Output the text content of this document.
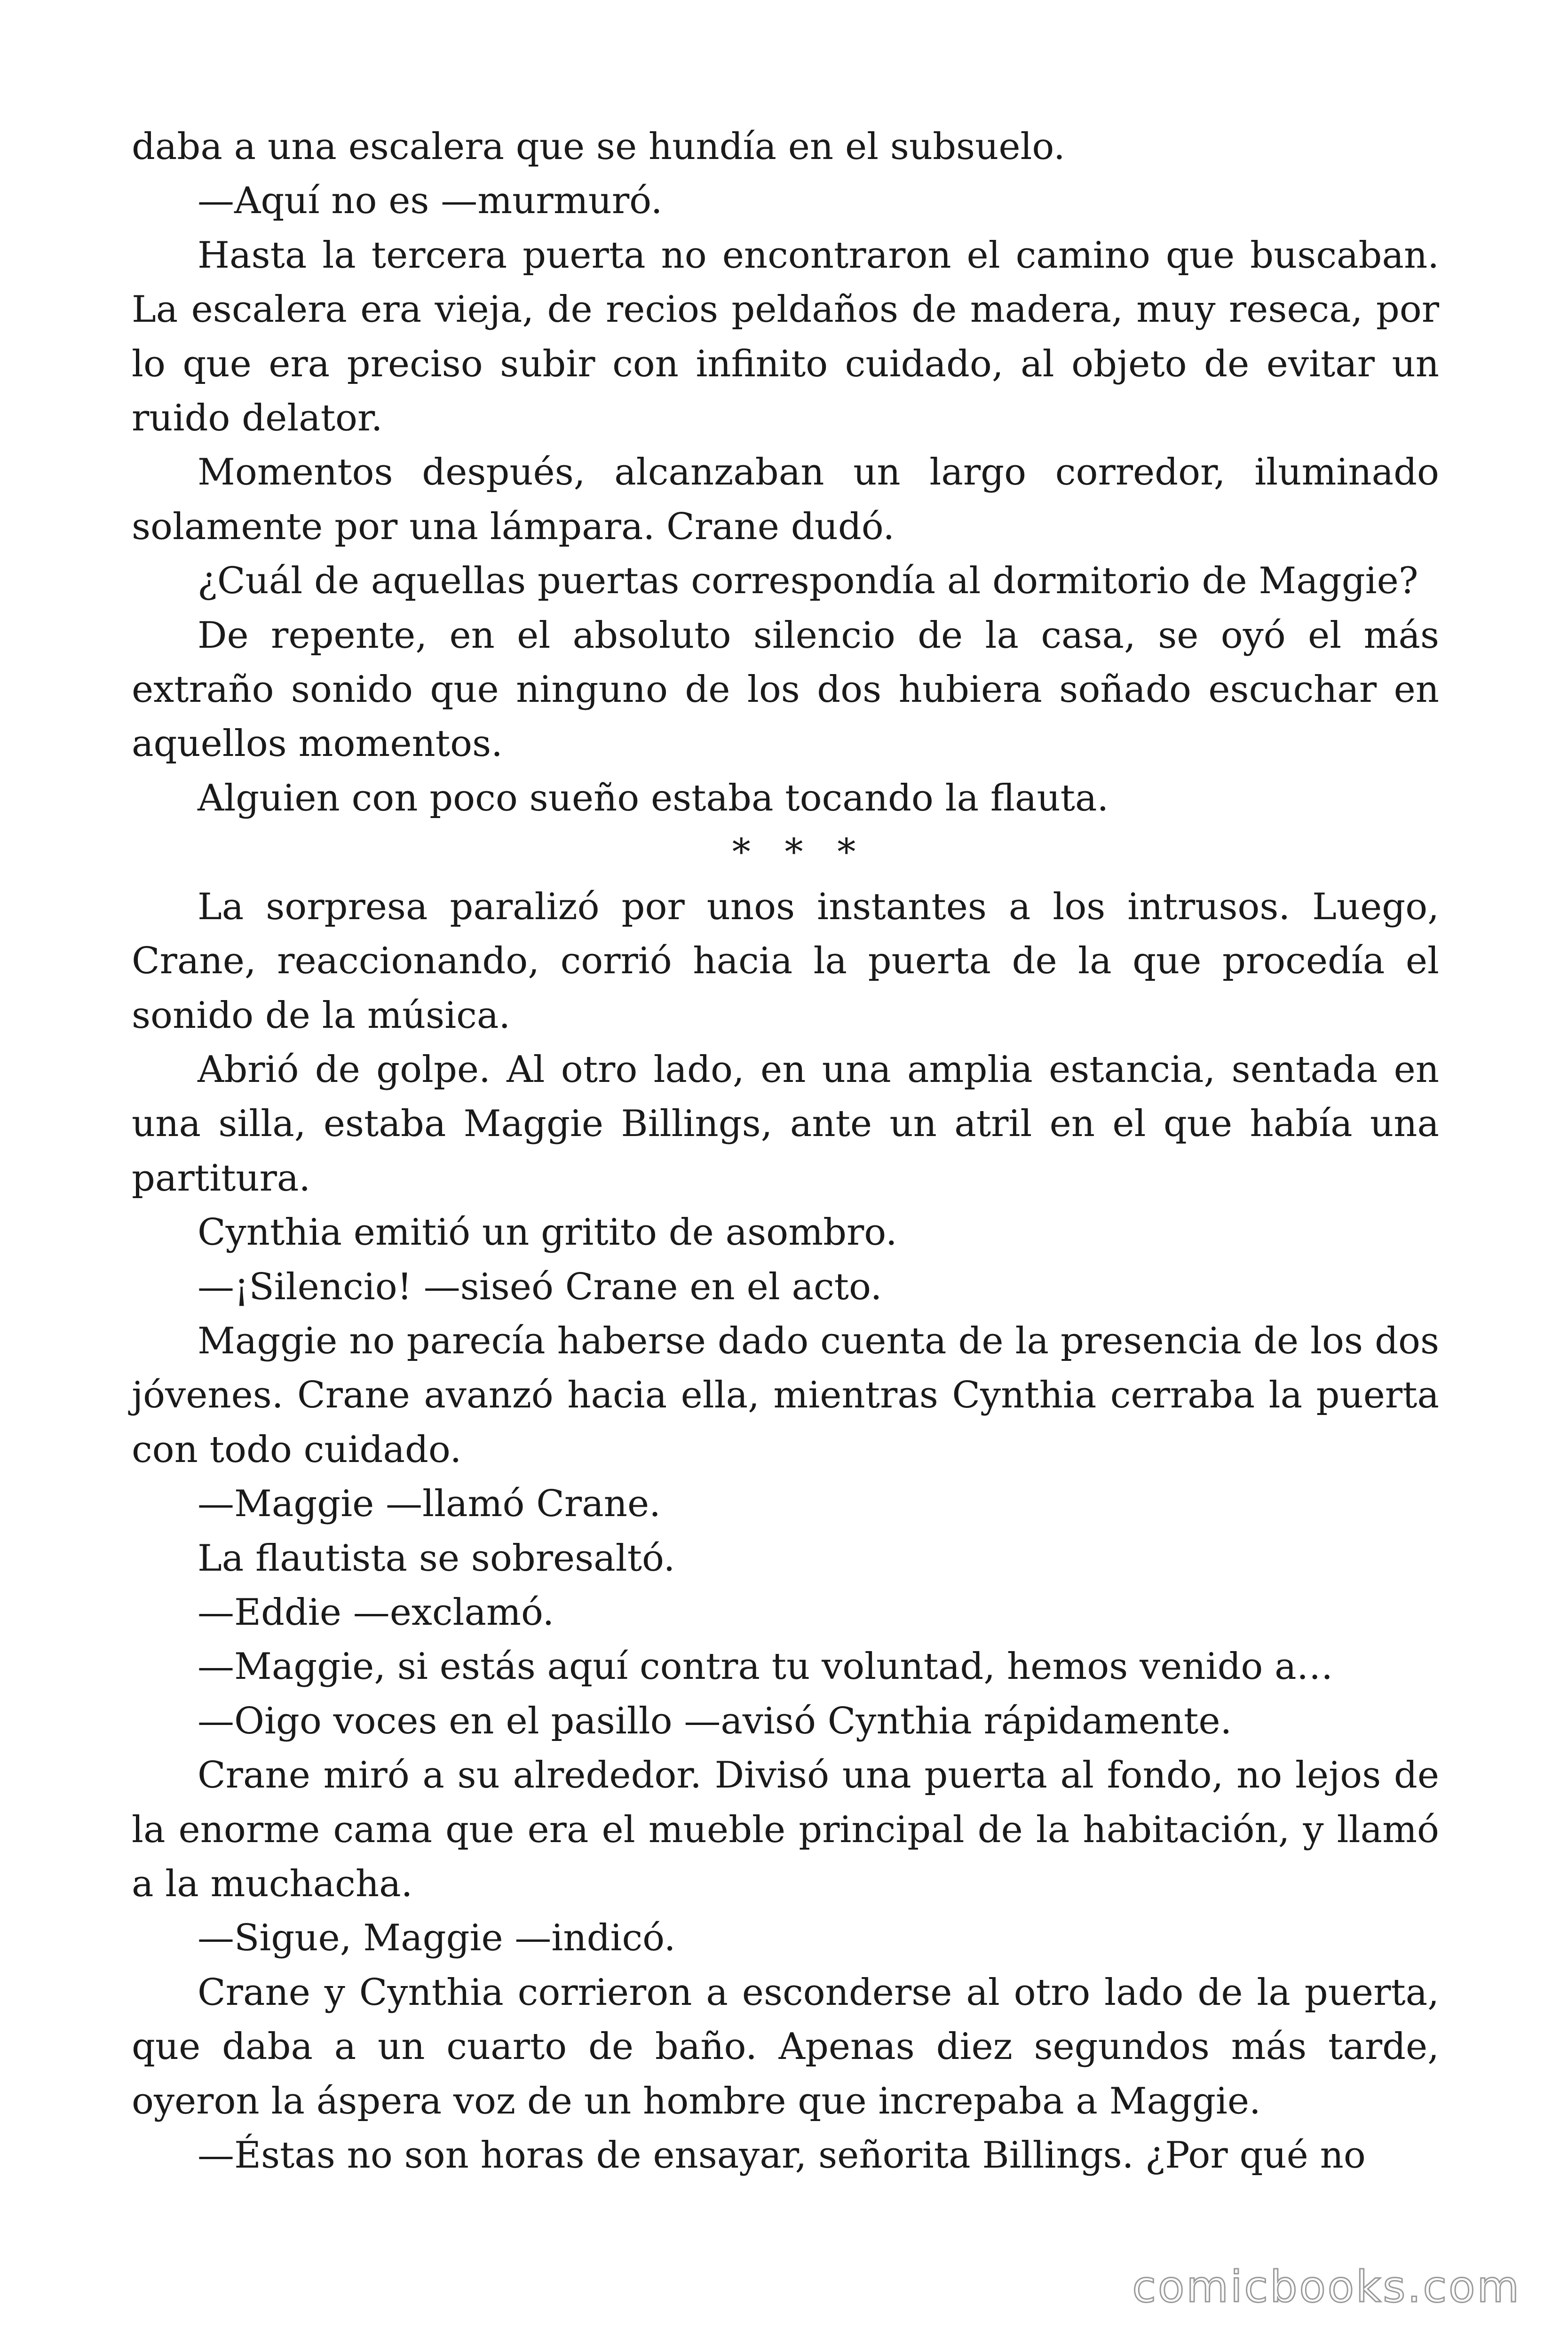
daba a una escalera que se hundía en el subsuelo.

—Aquí no es —murmuró.

Hasta la tercera puerta no encontraron el camino que buscaban. La escalera era vieja, de recios peldaños de madera, muy reseca, por lo que era preciso subir con infinito cuidado, al objeto de evitar un ruido delator.

Momentos después, alcanzaban un largo corredor, iluminado solamente por una lámpara. Crane dudó.

¿Cuál de aquellas puertas correspondía al dormitorio de Maggie?

De repente, en el absoluto silencio de la casa, se oyó el más extraño sonido que ninguno de los dos hubiera soñado escuchar en aquellos momentos.

Alguien con poco sueño estaba tocando la flauta.

* * *

La sorpresa paralizó por unos instantes a los intrusos. Luego, Crane, reaccionando, corrió hacia la puerta de la que procedía el sonido de la música.

Abrió de golpe. Al otro lado, en una amplia estancia, sentada en una silla, estaba Maggie Billings, ante un atril en el que había una partitura.

Cynthia emitió un gritito de asombro.

—¡Silencio! —siseó Crane en el acto.

Maggie no parecía haberse dado cuenta de la presencia de los dos jóvenes. Crane avanzó hacia ella, mientras Cynthia cerraba la puerta con todo cuidado.

—Maggie —llamó Crane.

La flautista se sobresaltó.

—Eddie —exclamó.

—Maggie, si estás aquí contra tu voluntad, hemos venido a…

—Oigo voces en el pasillo —avisó Cynthia rápidamente.

Crane miró a su alrededor. Divisó una puerta al fondo, no lejos de la enorme cama que era el mueble principal de la habitación, y llamó a la muchacha.

—Sigue, Maggie —indicó.

Crane y Cynthia corrieron a esconderse al otro lado de la puerta, que daba a un cuarto de baño. Apenas diez segundos más tarde, oyeron la áspera voz de un hombre que increpaba a Maggie.

—Éstas no son horas de ensayar, señorita Billings. ¿Por qué no

comicbooks.com
